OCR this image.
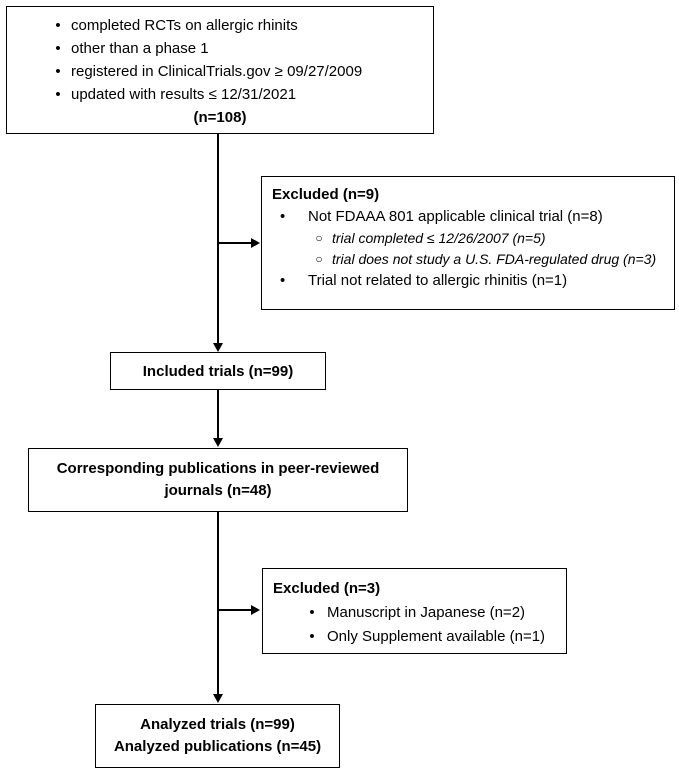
• completed RCTs on allergic rhinits
• other than a phase 1
• registered in ClinicalTrials.gov ≥ 09/27/2009
• updated with results ≤ 12/31/2021
(n=108)
Excluded (n=9)
•	Not FDAAA 801 applicable clinical trial (n=8)
○ trial completed ≤ 12/26/2007 (n=5)
○ trial does not study a U.S. FDA-regulated drug (n=3)
•	Trial not related to allergic rhinitis (n=1)
Included trials (n=99)
Corresponding publications in peer-reviewed
journals (n=48)
Excluded (n=3)
• Manuscript in Japanese (n=2)
• Only Supplement available (n=1)
Analyzed trials (n=99)
Analyzed publications (n=45)
